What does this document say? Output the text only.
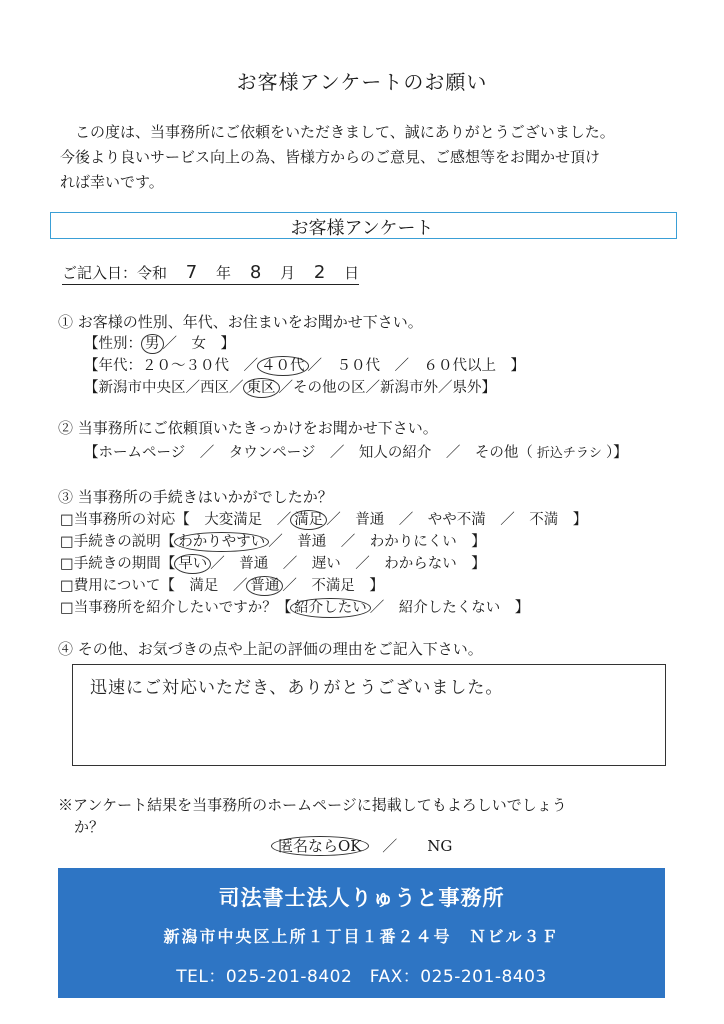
お客様アンケートのお願い

この度は、当事務所にご依頼をいただきまして、誠にありがとうございました。

今後より良いサービス向上の為、皆様方からのご意見、ご感想等をお聞かせ頂け

れば幸いです。

お客様アンケート
ご記入日：令和 7 年 8 月 2 日
① お客様の性別、年代、お住まいをお聞かせ下さい。
【性別： 男 ／　女　】
【年代：２０～３０代　／ ４０代 ／　５０代　／　６０代以上　】
【新潟市中央区／西区／ 東区 ／その他の区／新潟市外／県外】
② 当事務所にご依頼頂いたきっかけをお聞かせ下さい。
【ホームページ　／　タウンページ　／　知人の紹介　／　その他（ 折込チラシ ）】
③ 当事務所の手続きはいかがでしたか？
□当事務所の対応【　大変満足　／ 満足 ／　普通　／　やや不満　／　不満　】
□手続きの説明【 わかりやすい ／　普通　／　わかりにくい　】
□手続きの期間【 早い ／　普通　／　遅い　／　わからない　】
□費用について【　満足　／ 普通 ／　不満足　】
□当事務所を紹介したいですか？【 紹介したい ／　紹介したくない　】
④ その他、お気づきの点や上記の評価の理由をご記入下さい。
迅速にご対応いただき、ありがとうございました。

※アンケート結果を当事務所のホームページに掲載してもよろしいでしょう

か？

匿名ならOK ／　　NG
司法書士法人りゅうと事務所
新潟市中央区上所１丁目１番２４号　Ｎビル３Ｆ
TEL：025-201-8402　FAX：025-201-8403
